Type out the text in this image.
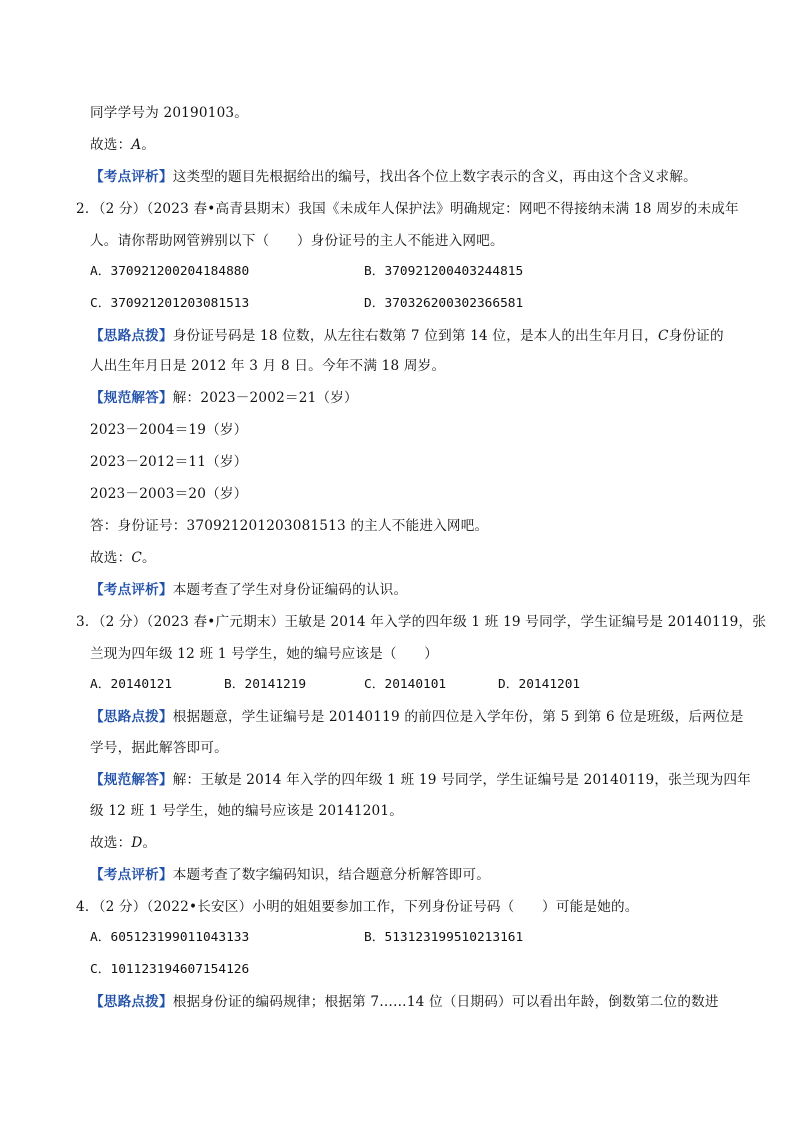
同学学号为 20190103。
故选：A。
【考点评析】这类型的题目先根据给出的编号，找出各个位上数字表示的含义，再由这个含义求解。
2．（2 分）（2023 春•高青县期末）我国《未成年人保护法》明确规定：网吧不得接纳未满 18 周岁的未成年
人。请你帮助网管辨别以下（　　）身份证号的主人不能进入网吧。
A．370921200204184880	B．370921200403244815
C．370921201203081513	D．370326200302366581
【思路点拨】身份证号码是 18 位数，从左往右数第 7 位到第 14 位，是本人的出生年月日，C身份证的
人出生年月日是 2012 年 3 月 8 日。今年不满 18 周岁。
【规范解答】解：2023－2002＝21（岁）
2023－2004＝19（岁）
2023－2012＝11（岁）
2023－2003＝20（岁）
答：身份证号：370921201203081513 的主人不能进入网吧。
故选：C。
【考点评析】本题考查了学生对身份证编码的认识。
3．（2 分）（2023 春•广元期末）王敏是 2014 年入学的四年级 1 班 19 号同学，学生证编号是 20140119，张
兰现为四年级 12 班 1 号学生，她的编号应该是（　　）
A．20140121	B．20141219	C．20140101	D．20141201
【思路点拨】根据题意，学生证编号是 20140119 的前四位是入学年份，第 5 到第 6 位是班级，后两位是
学号，据此解答即可。
【规范解答】解：王敏是 2014 年入学的四年级 1 班 19 号同学，学生证编号是 20140119，张兰现为四年
级 12 班 1 号学生，她的编号应该是 20141201。
故选：D。
【考点评析】本题考查了数字编码知识，结合题意分析解答即可。
4．（2 分）（2022•长安区）小明的姐姐要参加工作，下列身份证号码（　　）可能是她的。
A．605123199011043133	B．513123199510213161
C．101123194607154126
【思路点拨】根据身份证的编码规律；根据第 7……14 位（日期码）可以看出年龄，倒数第二位的数进
